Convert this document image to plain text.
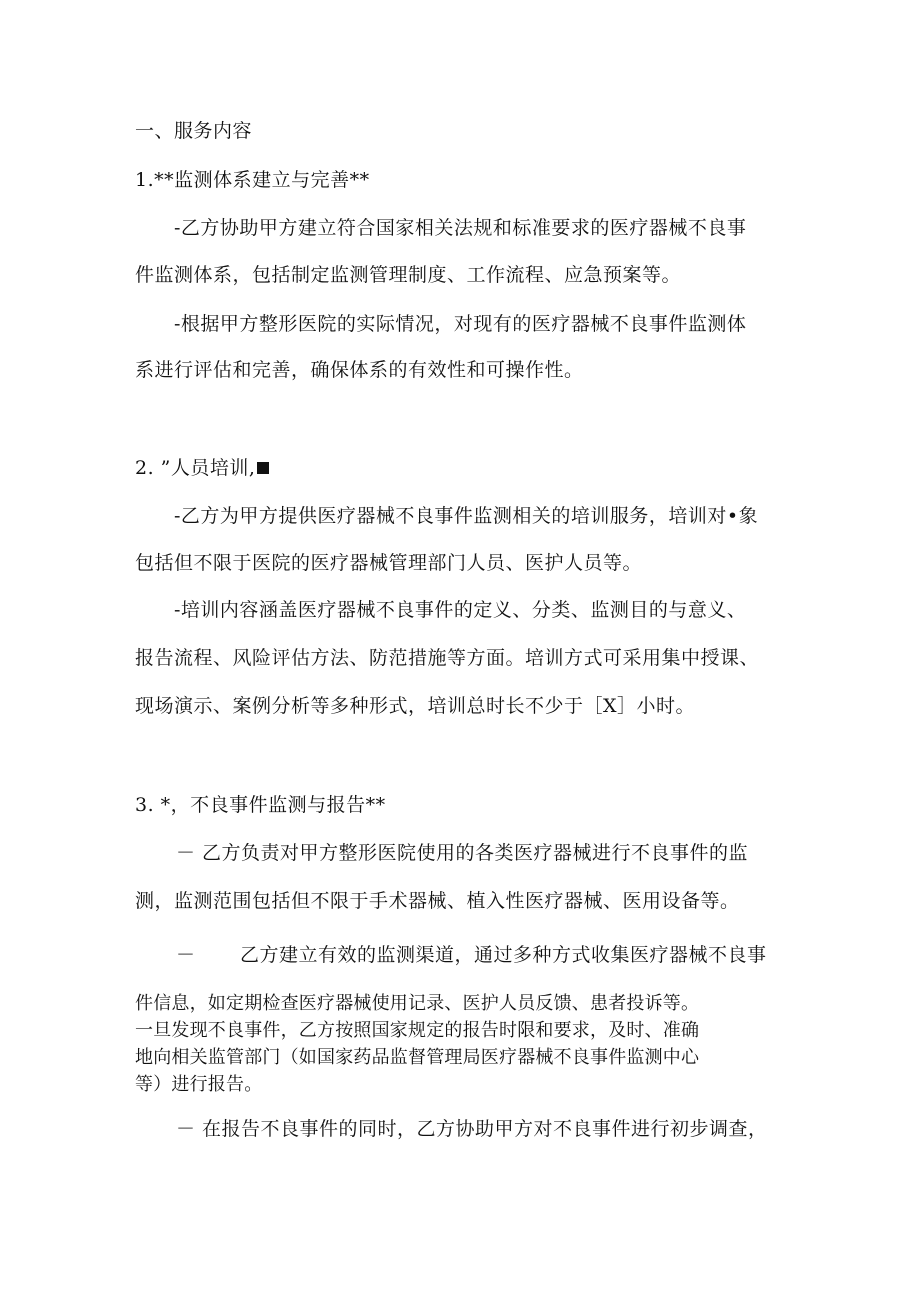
一、服务内容

1.**监测体系建立与完善**

-乙方协助甲方建立符合国家相关法规和标准要求的医疗器械不良事

件监测体系，包括制定监测管理制度、工作流程、应急预案等。

-根据甲方整形医院的实际情况，对现有的医疗器械不良事件监测体

系进行评估和完善，确保体系的有效性和可操作性。

2. ”人员培训,

-乙方为甲方提供医疗器械不良事件监测相关的培训服务，培训对•象

包括但不限于医院的医疗器械管理部门人员、医护人员等。

-培训内容涵盖医疗器械不良事件的定义、分类、监测目的与意义、

报告流程、风险评估方法、防范措施等方面。培训方式可采用集中授课、

现场演示、案例分析等多种形式，培训总时长不少于［X］小时。

3. *，不良事件监测与报告**

－ 乙方负责对甲方整形医院使用的各类医疗器械进行不良事件的监

测，监测范围包括但不限于手术器械、植入性医疗器械、医用设备等。

－ 乙方建立有效的监测渠道，通过多种方式收集医疗器械不良事

件信息，如定期检查医疗器械使用记录、医护人员反馈、患者投诉等。

一旦发现不良事件，乙方按照国家规定的报告时限和要求，及时、准确

地向相关监管部门（如国家药品监督管理局医疗器械不良事件监测中心

等）进行报告。

－ 在报告不良事件的同时，乙方协助甲方对不良事件进行初步调查，
